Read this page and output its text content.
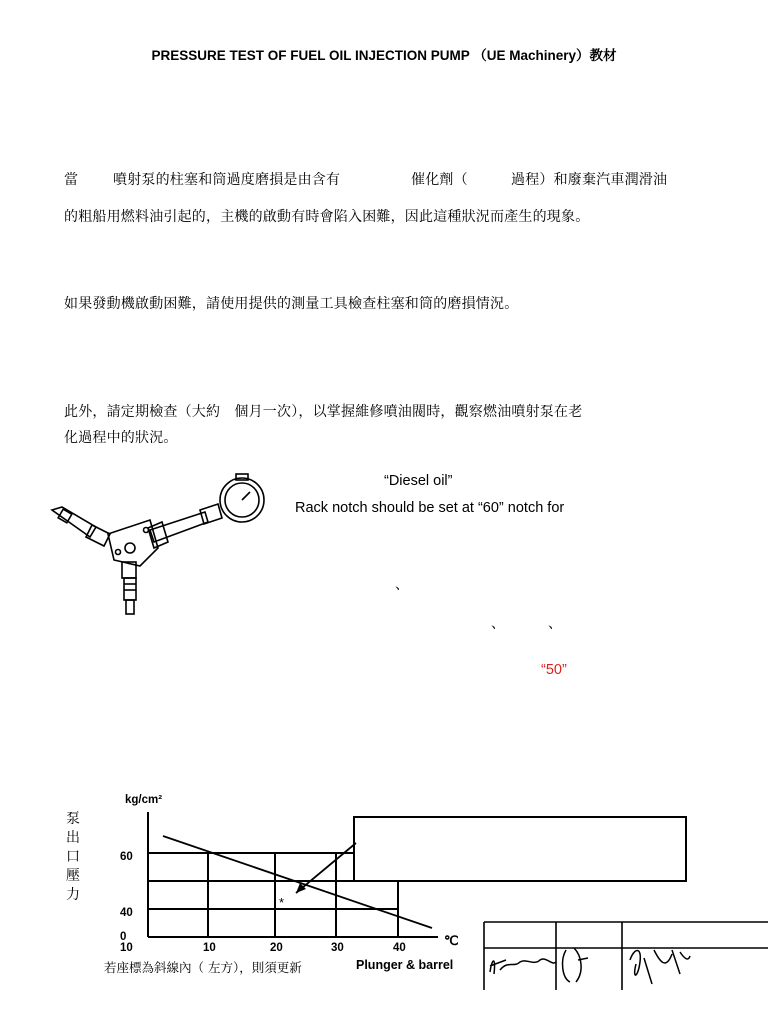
PRESSURE TEST OF FUEL OIL INJECTION PUMP （UE Machinery）教材
當 噴射泵的柱塞和筒過度磨損是由含有	催化劑（	過程）和廢棄汽車潤滑油
的粗船用燃料油引起的，主機的啟動有時會陷入困難，因此這種狀況而產生的現象。
如果發動機啟動困難，請使用提供的測量工具檢查柱塞和筒的磨損情況。
此外，請定期檢查（大約　個月一次），以掌握維修噴油閥時，觀察燃油噴射泵在老
化過程中的狀況。
“Diesel oil”
Rack notch should be set at “60” notch for
、
、	、
“50”
*
60
40
0
10	10	20	30	40
泵
出
口
壓
力
kg/cm²
℃
若座標為斜線內（ 左方），則須更新	Plunger & barrel
